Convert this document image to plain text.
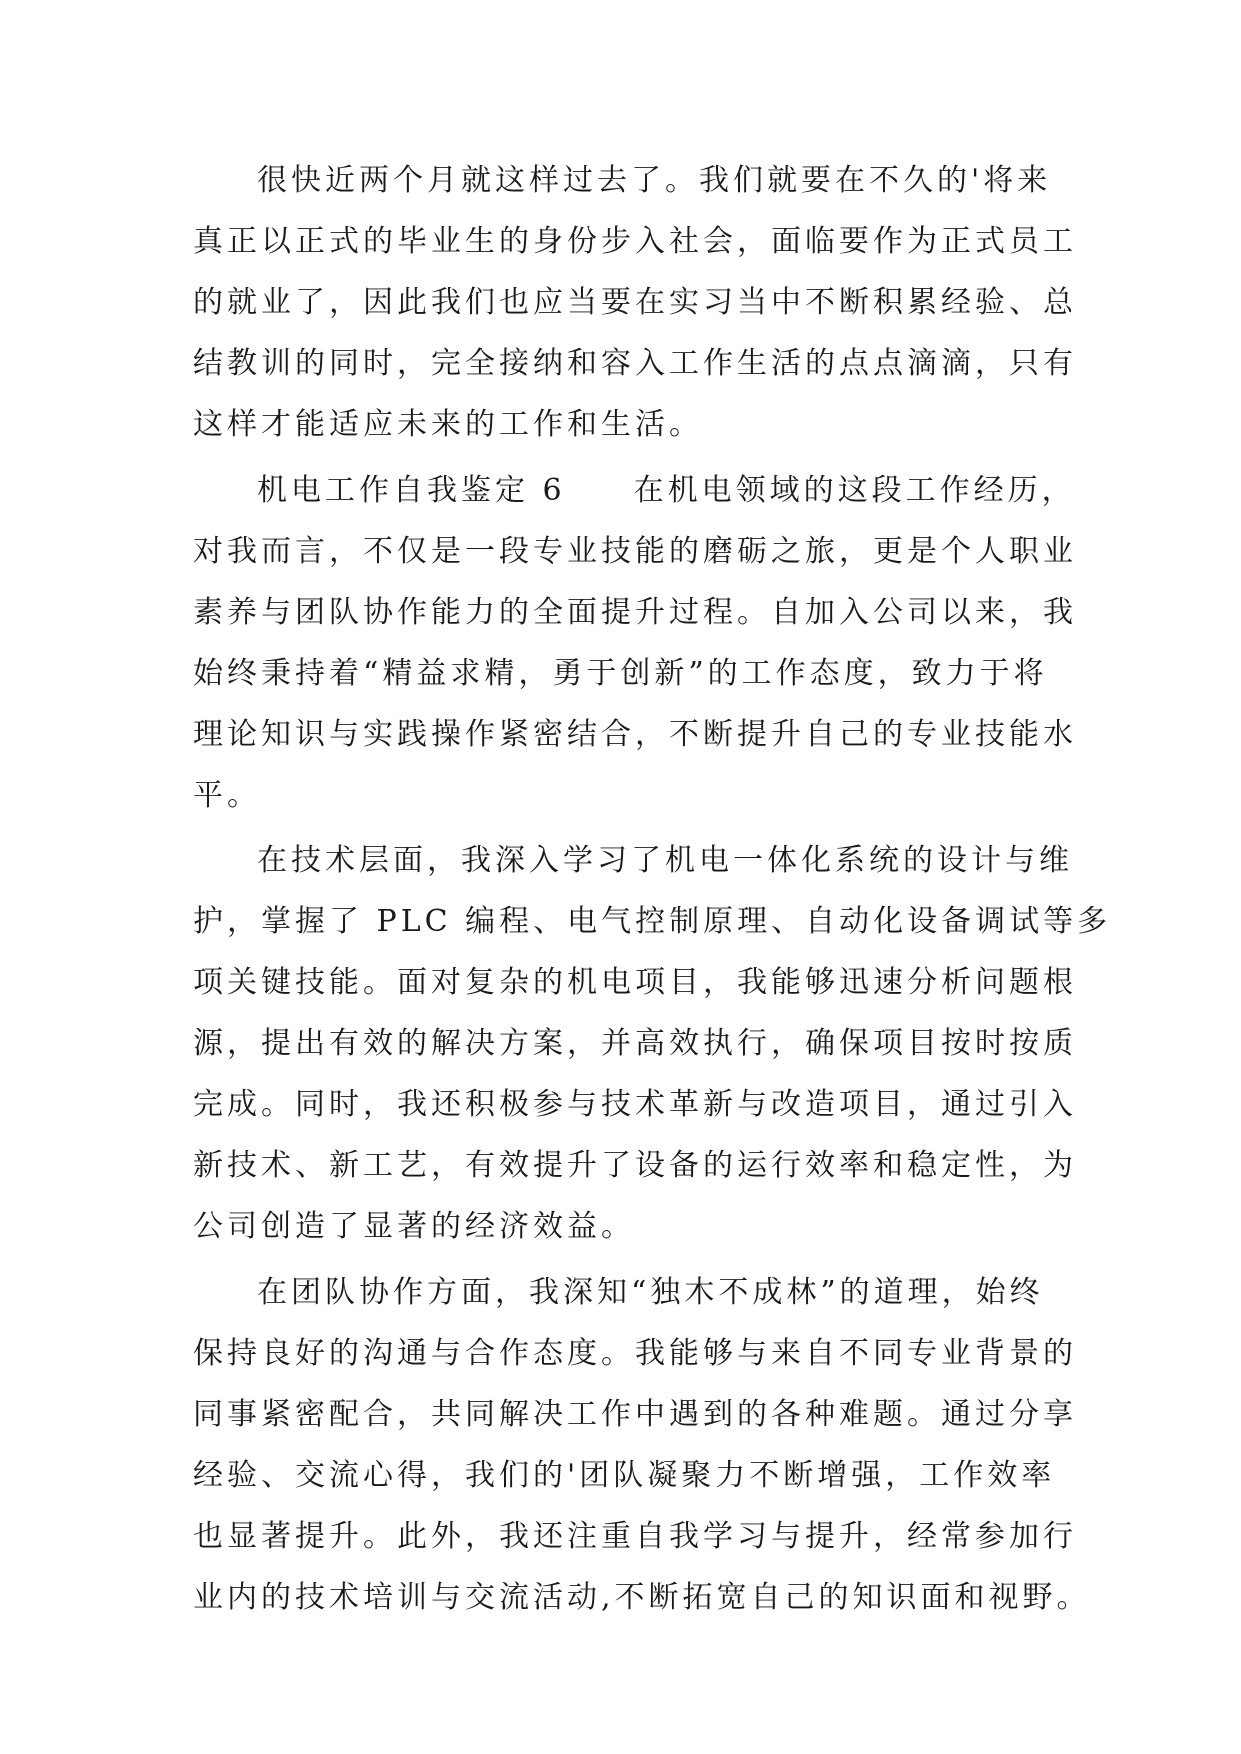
很快近两个月就这样过去了。我们就要在不久的'将来
真正以正式的毕业生的身份步入社会，面临要作为正式员工
的就业了，因此我们也应当要在实习当中不断积累经验、总
结教训的同时，完全接纳和容入工作生活的点点滴滴，只有
这样才能适应未来的工作和生活。
机电工作自我鉴定 6　　在机电领域的这段工作经历，
对我而言，不仅是一段专业技能的磨砺之旅，更是个人职业
素养与团队协作能力的全面提升过程。自加入公司以来，我
始终秉持着“精益求精，勇于创新”的工作态度，致力于将
理论知识与实践操作紧密结合，不断提升自己的专业技能水
平。
在技术层面，我深入学习了机电一体化系统的设计与维
护，掌握了 PLC 编程、电气控制原理、自动化设备调试等多
项关键技能。面对复杂的机电项目，我能够迅速分析问题根
源，提出有效的解决方案，并高效执行，确保项目按时按质
完成。同时，我还积极参与技术革新与改造项目，通过引入
新技术、新工艺，有效提升了设备的运行效率和稳定性，为
公司创造了显著的经济效益。
在团队协作方面，我深知“独木不成林”的道理，始终
保持良好的沟通与合作态度。我能够与来自不同专业背景的
同事紧密配合，共同解决工作中遇到的各种难题。通过分享
经验、交流心得，我们的'团队凝聚力不断增强，工作效率
也显著提升。此外，我还注重自我学习与提升，经常参加行
业内的技术培训与交流活动,不断拓宽自己的知识面和视野。
